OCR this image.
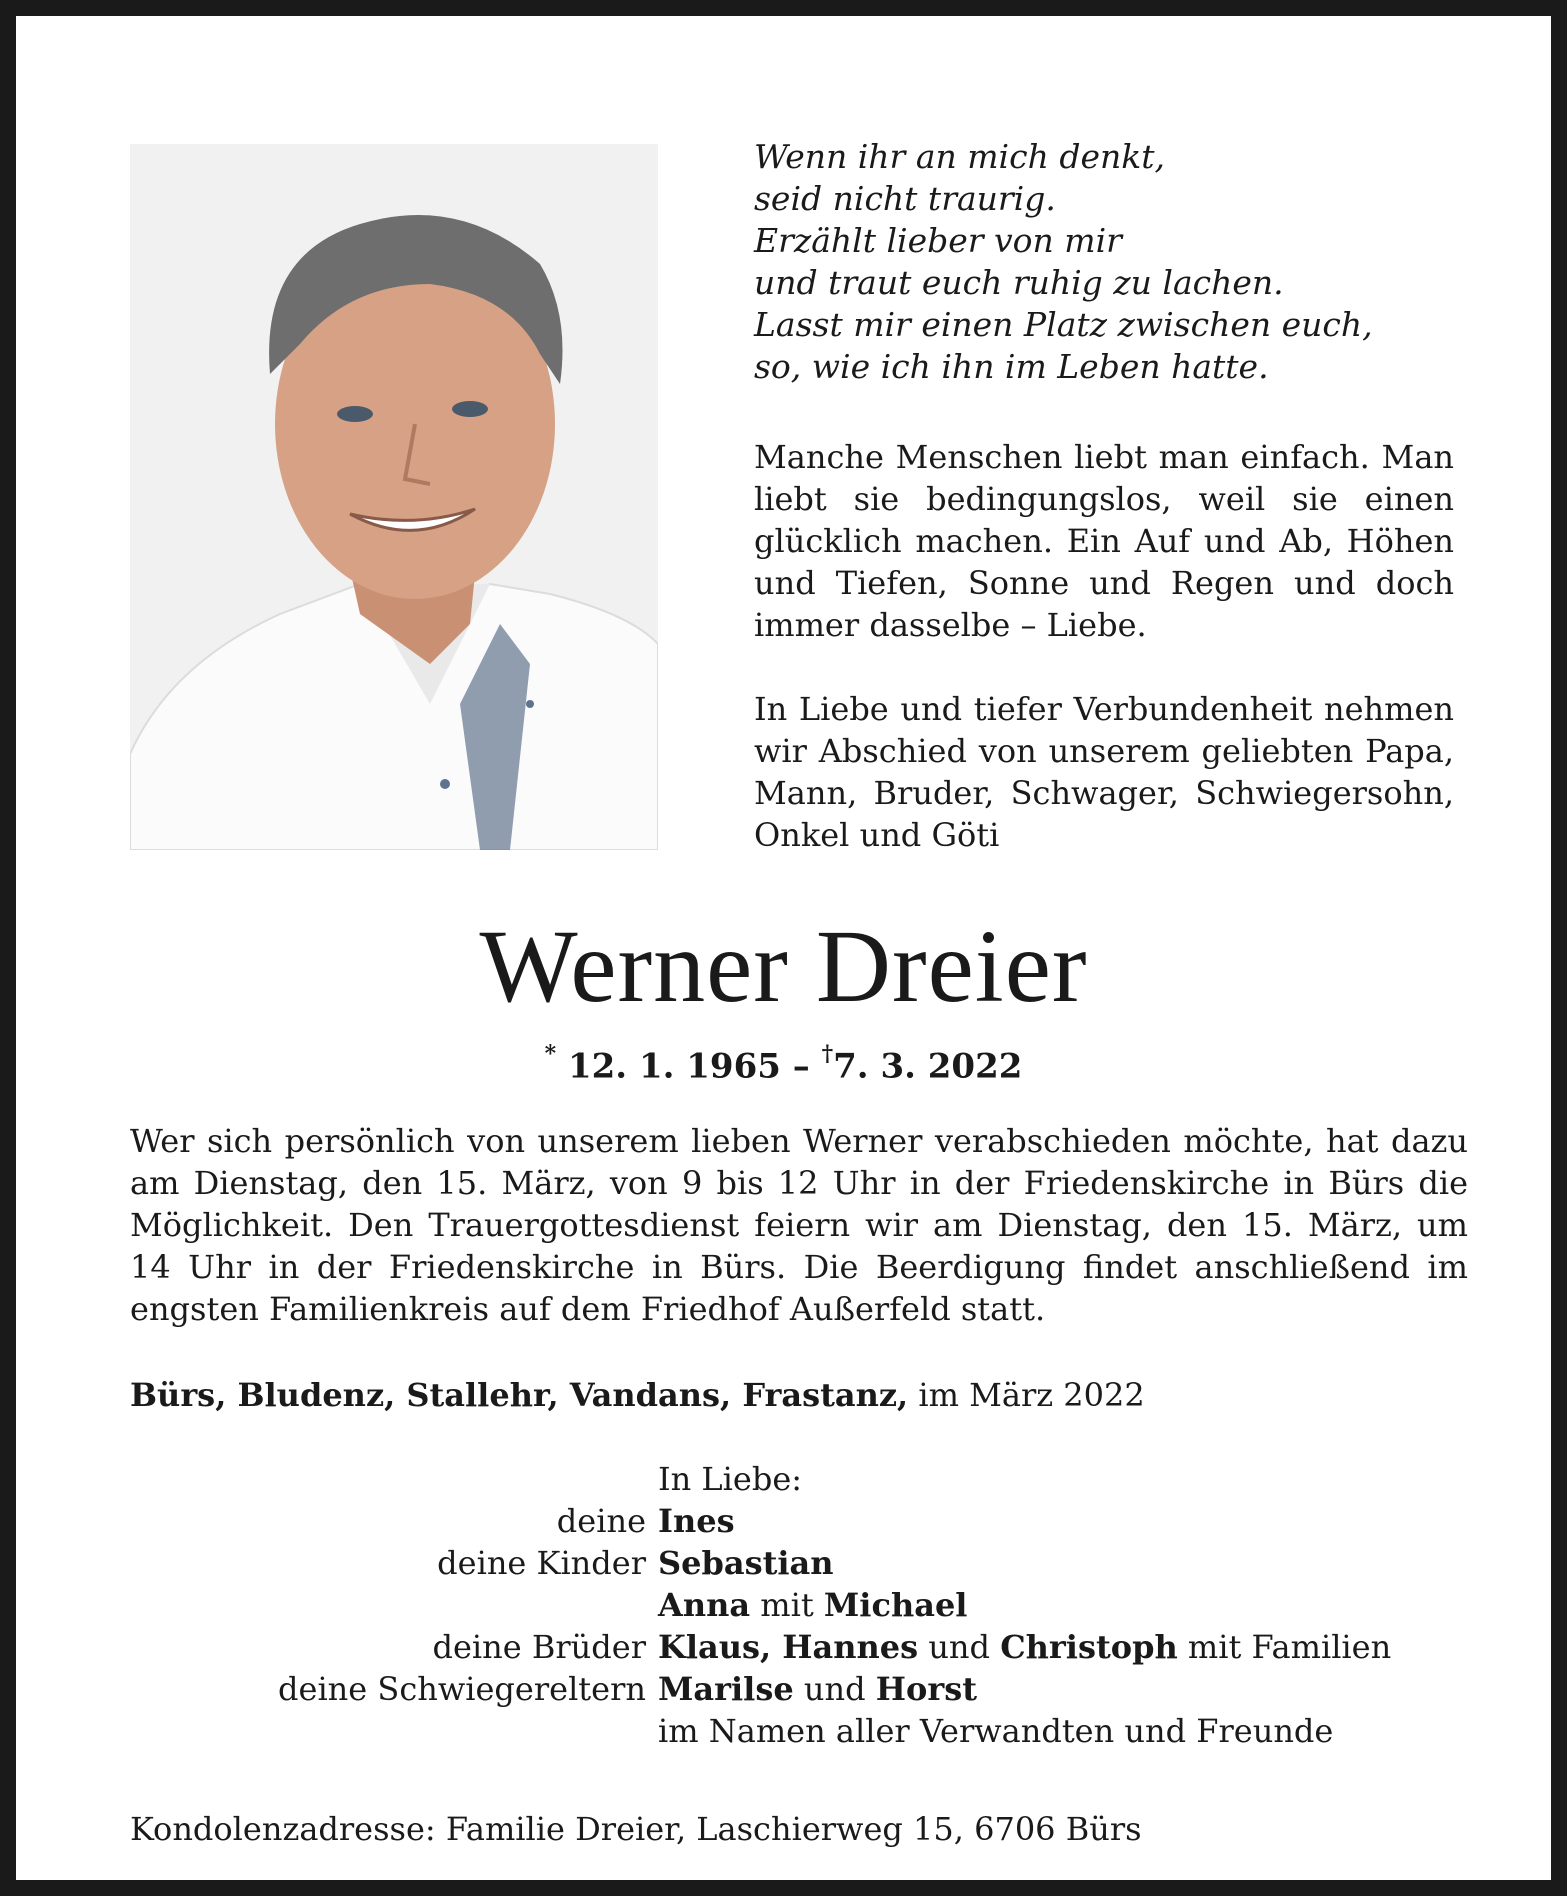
Wenn ihr an mich denkt,
seid nicht traurig.
Erzählt lieber von mir
und traut euch ruhig zu lachen.
Lasst mir einen Platz zwischen euch,
so, wie ich ihn im Leben hatte.
Manche Menschen liebt man einfach. Man liebt sie bedingungslos, weil sie einen glücklich machen. Ein Auf und Ab, Höhen und Tiefen, Sonne und Regen und doch immer dasselbe – Liebe.
In Liebe und tiefer Verbundenheit nehmen wir Abschied von unserem geliebten Papa, Mann, Bruder, Schwager, Schwiegersohn, Onkel und Göti
Werner Dreier
* 12. 1. 1965 – †7. 3. 2022
Wer sich persönlich von unserem lieben Werner verabschieden möchte, hat dazu am Dienstag, den 15. März, von 9 bis 12 Uhr in der Friedenskirche in Bürs die Möglichkeit. Den Trauergottesdienst feiern wir am Dienstag, den 15. März, um 14 Uhr in der Friedenskirche in Bürs. Die Beerdigung findet anschließend im engsten Familienkreis auf dem Friedhof Außerfeld statt.
Bürs, Bludenz, Stallehr, Vandans, Frastanz, im März 2022
In Liebe:
deine Ines
deine Kinder Sebastian
Anna mit Michael
deine Brüder Klaus, Hannes und Christoph mit Familien
deine Schwiegereltern Marilse und Horst
im Namen aller Verwandten und Freunde
Kondolenzadresse: Familie Dreier, Laschierweg 15, 6706 Bürs
